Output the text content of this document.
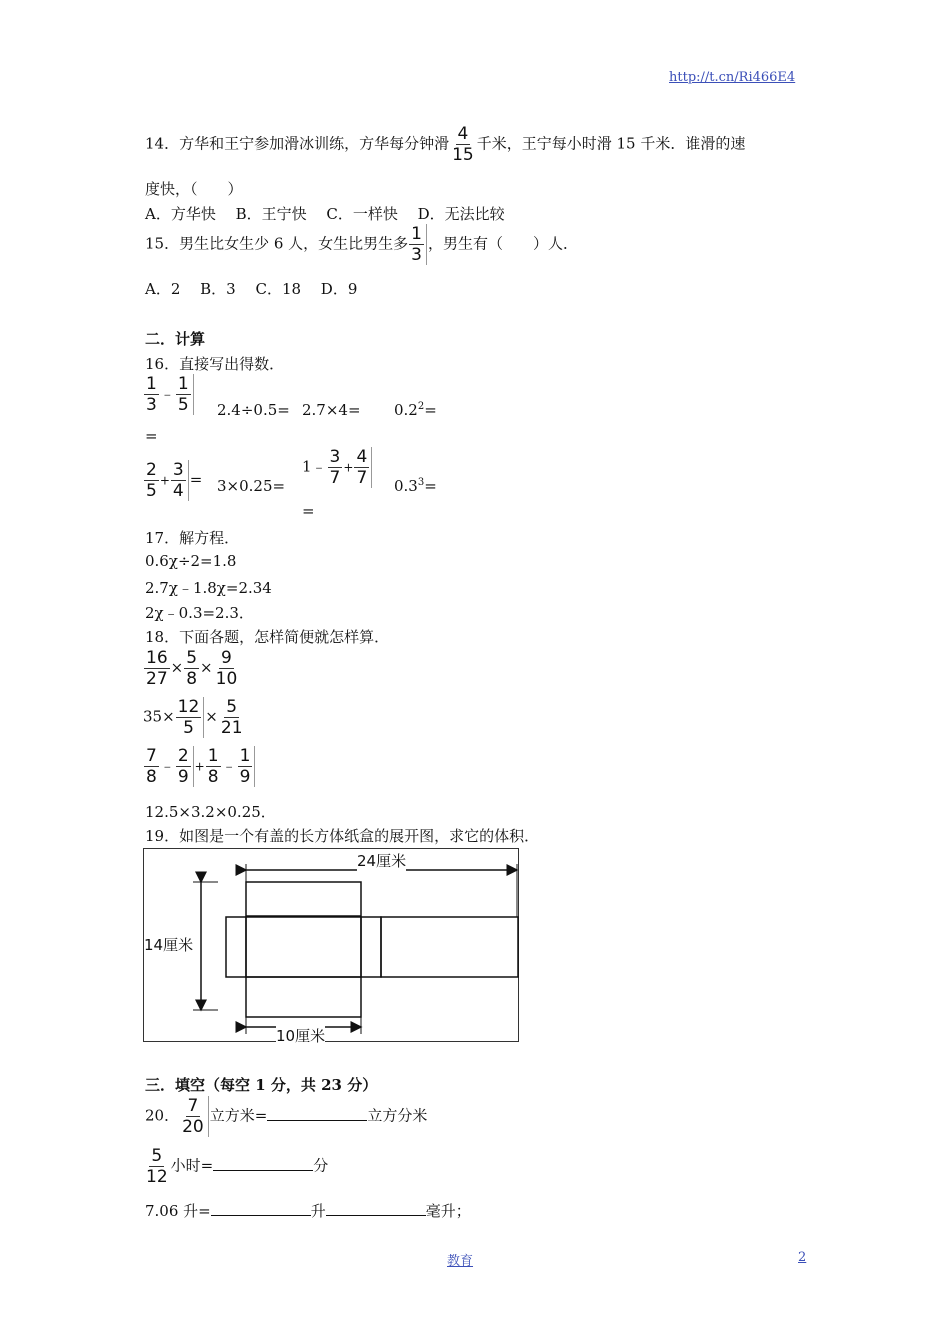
http://t.cn/Ri466E4
14．方华和王宁参加滑冰训练，方华每分钟滑 $\frac{4}{15}$ 千米，王宁每小时滑 15 千米．谁滑的速
度快，（　　）
A．方华快　 B．王宁快　 C．一样快　 D．无法比较
15．男生比女生少 6 人，女生比男生多 $\frac{1}{3}$ ，男生有（　　）人．
A．2　 B．3　 C．18　 D．9
二．计算
16．直接写出得数．
$\frac{1}{3}$ ﹣ $\frac{1}{5}$
=
$2.4\div 0.5= 2.7\times 4= 0.2^2=$
$\frac{2}{5} + \frac{3}{4} = 3\times 0.25=$
1﹣ $\frac{3}{7} + \frac{4}{7}$
=
$0.3^3=$
17．解方程．
0.6χ÷2=1.8
2.7χ﹣1.8χ=2.34
2χ﹣0.3=2.3．
18．下面各题，怎样简便就怎样算．
$\frac{16}{27} \times \frac{5}{8} \times \frac{9}{10}$
$35\times \frac{12}{5} \times \frac{5}{21}$
$\frac{7}{8}$ ﹣ $\frac{2}{9} + \frac{1}{8}$ ﹣ $\frac{1}{9}$
12.5×3.2×0.25．
19．如图是一个有盖的长方体纸盒的展开图，求它的体积．
24厘米
14厘米
10厘米
三．填空（每空 1 分，共 23 分）
20． $\frac{7}{20}$ 立方米=	立方分米
$\frac{5}{12}$ 小时=	分
7.06 升=	升	毫升；
教育	2
